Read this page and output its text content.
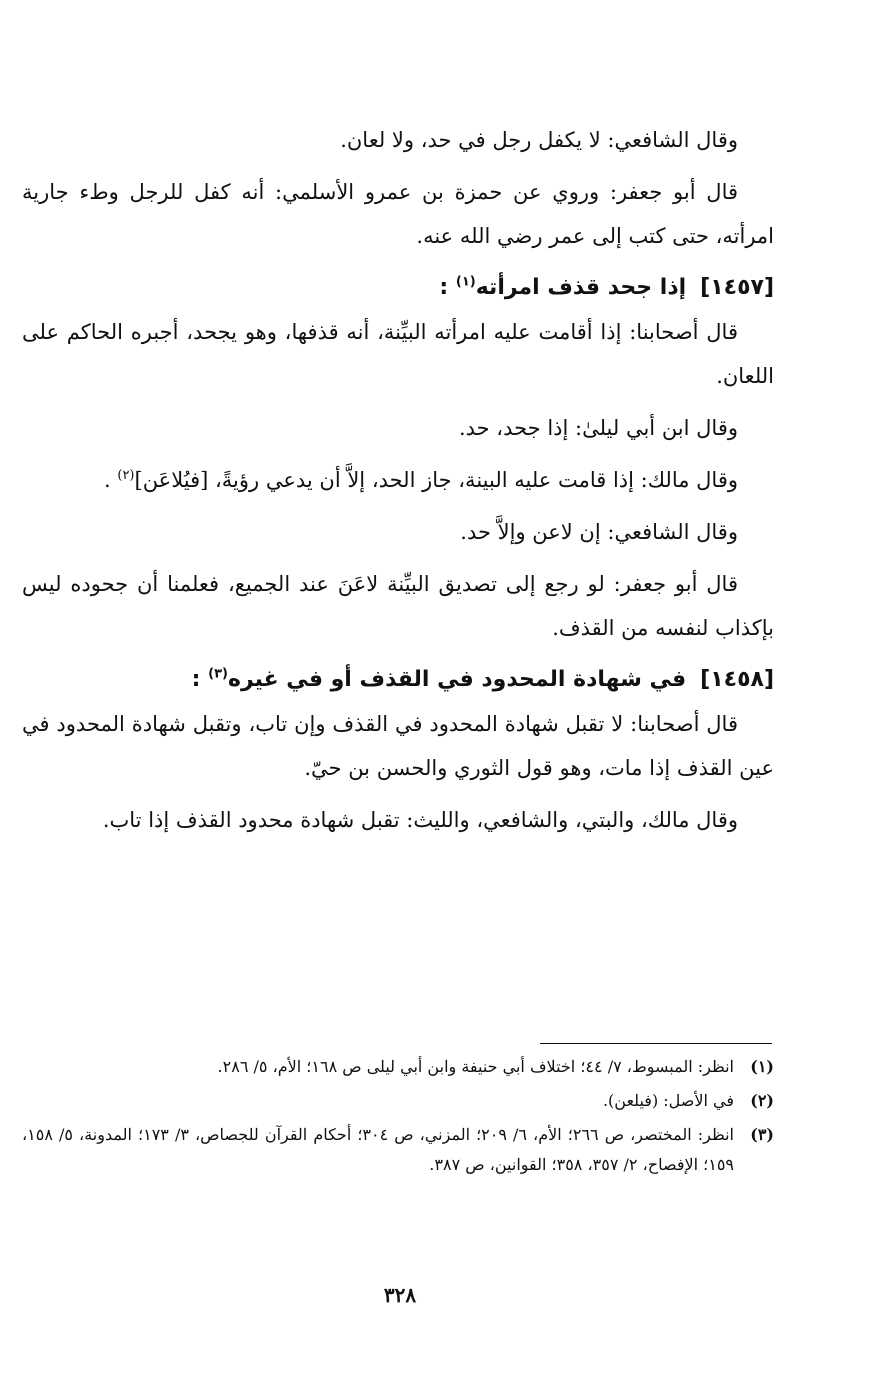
وقال الشافعي: لا يكفل رجل في حد، ولا لعان.

قال أبو جعفر: وروي عن حمزة بن عمرو الأسلمي: أنه كفل للرجل وطء جارية امرأته، حتى كتب إلى عمر رضي الله عنه.

[١٤٥٧]إذا جحد قذف امرأته$^{(١)}$ :

قال أصحابنا: إذا أقامت عليه امرأته البيِّنة، أنه قذفها، وهو يجحد، أجبره الحاكم على اللعان.

وقال ابن أبي ليلىٰ: إذا جحد، حد.

وقال مالك: إذا قامت عليه البينة، جاز الحد، إلاَّ أن يدعي رؤيةً، [فيُلاعَن]$^{(٢)}$ .

وقال الشافعي: إن لاعن وإلاَّ حد.

قال أبو جعفر: لو رجع إلى تصديق البيِّنة لاعَنَ عند الجميع، فعلمنا أن جحوده ليس بإكذاب لنفسه من القذف.

[١٤٥٨]في شهادة المحدود في القذف أو في غيره$^{(٣)}$ :

قال أصحابنا: لا تقبل شهادة المحدود في القذف وإن تاب، وتقبل شهادة المحدود في عين القذف إذا مات، وهو قول الثوري والحسن بن حيّ.

وقال مالك، والبتي، والشافعي، والليث: تقبل شهادة محدود القذف إذا تاب.

(١)
انظر: المبسوط، ٧/ ٤٤؛ اختلاف أبي حنيفة وابن أبي ليلى ص ١٦٨؛ الأم، ٥/ ٢٨٦.
(٢)
في الأصل: (فيلعن).
(٣)
انظر: المختصر، ص ٢٦٦؛ الأم، ٦/ ٢٠٩؛ المزني، ص ٣٠٤؛ أحكام القرآن للجصاص، ٣/ ١٧٣؛ المدونة، ٥/ ١٥٨، ١٥٩؛ الإفصاح، ٢/ ٣٥٧، ٣٥٨؛ القوانين، ص ٣٨٧.
٣٢٨
